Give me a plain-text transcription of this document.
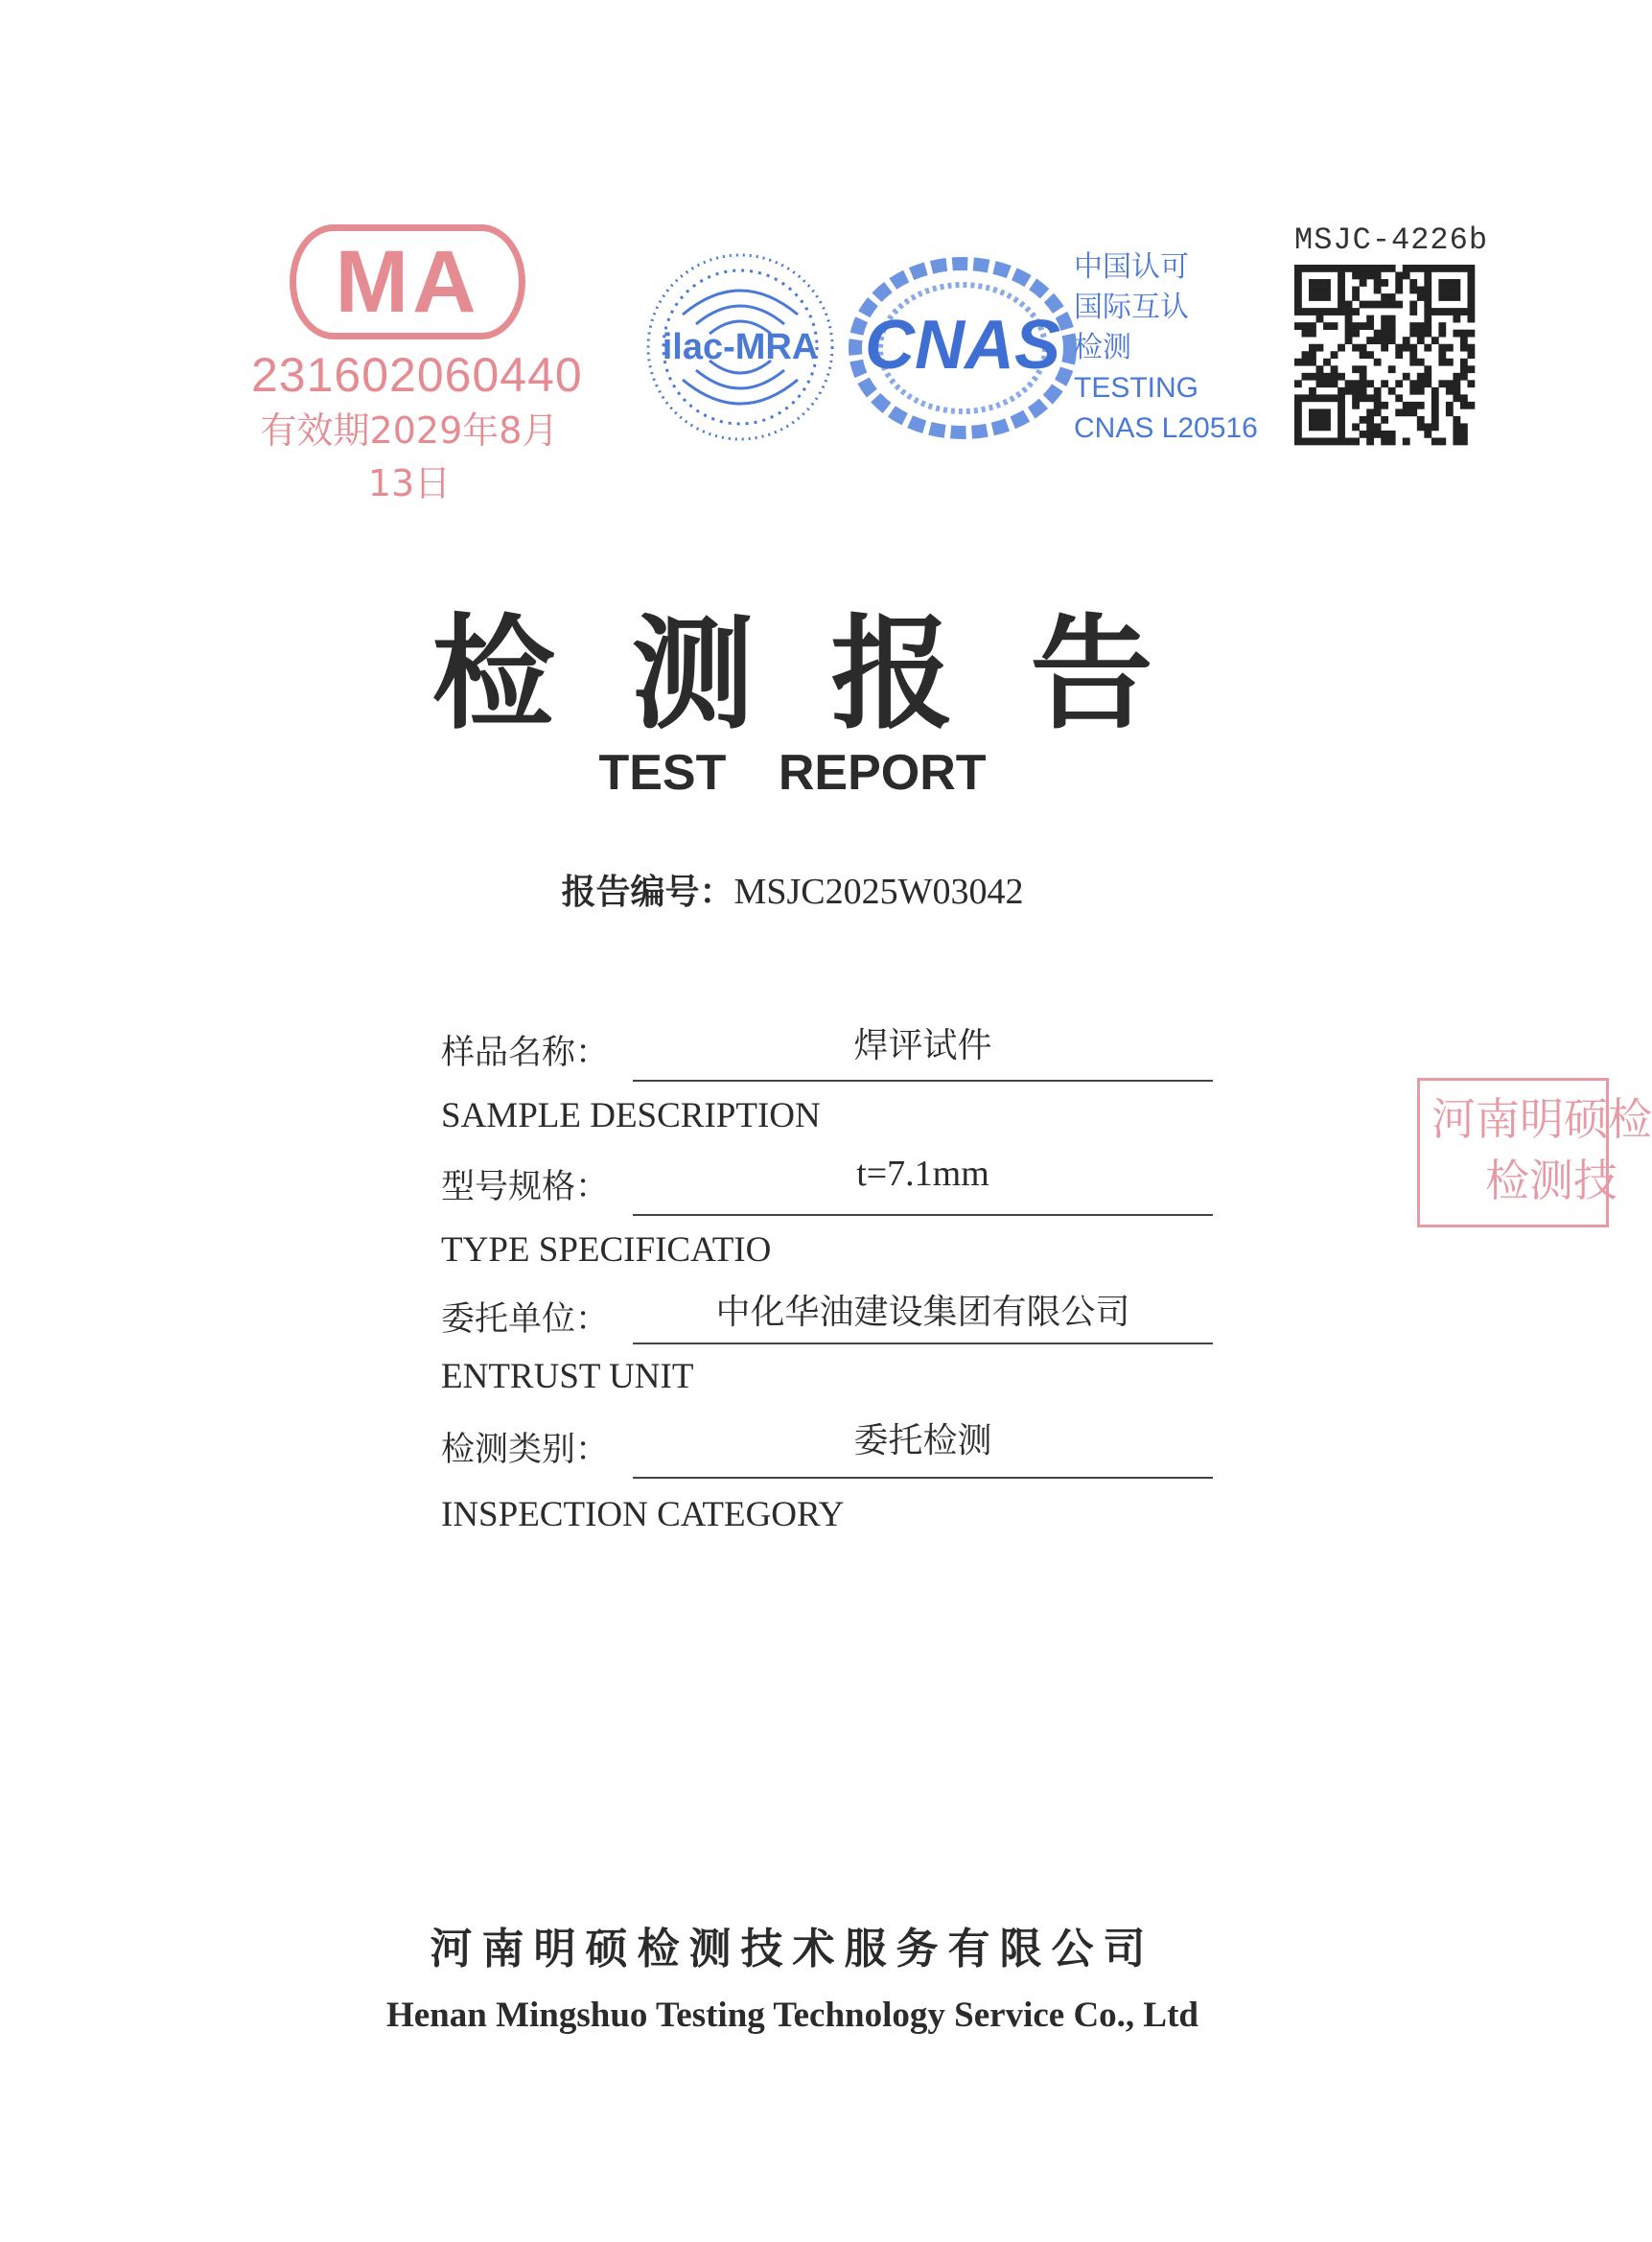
MA
231602060440
有效期2029年8月13日
ilac-MRA CNAS
中国认可
国际互认
检测
TESTING
CNAS L20516
MSJC-4226b
检测报告
TEST REPORT
报告编号：MSJC2025W03042
样品名称：	焊评试件
SAMPLE DESCRIPTION
型号规格：	t=7.1mm
TYPE SPECIFICATIO
委托单位：	中化华油建设集团有限公司
ENTRUST UNIT
检测类别：	委托检测
INSPECTION CATEGORY
河南明硕检
检测技
河南明硕检测技术服务有限公司
Henan Mingshuo Testing Technology Service Co., Ltd
